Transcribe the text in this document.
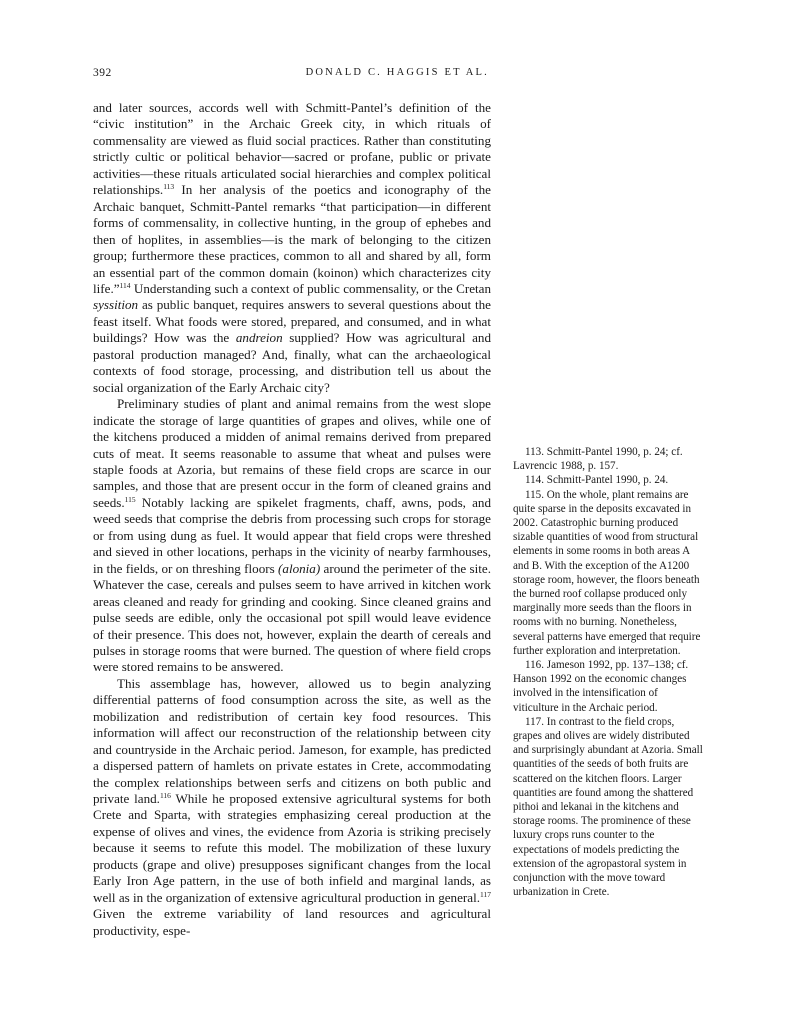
392	DONALD C. HAGGIS ET AL.

and later sources, accords well with Schmitt-Pantel’s definition of the “civic institution” in the Archaic Greek city, in which rituals of commensality are viewed as fluid social practices. Rather than constituting strictly cultic or political behavior—sacred or profane, public or private activities—these rituals articulated social hierarchies and complex political relationships.$^{113}$ In her analysis of the poetics and iconography of the Archaic banquet, Schmitt-Pantel remarks “that participation—in different forms of commensality, in collective hunting, in the group of ephebes and then of hoplites, in assemblies—is the mark of belonging to the citizen group; furthermore these practices, common to all and shared by all, form an essential part of the common domain (koinon) which characterizes city life.”$^{114}$ Understanding such a context of public commensality, or the Cretan syssition as public banquet, requires answers to several questions about the feast itself. What foods were stored, prepared, and consumed, and in what buildings? How was the andreion supplied? How was agricultural and pastoral production managed? And, finally, what can the archaeological contexts of food storage, processing, and distribution tell us about the social organization of the Early Archaic city?

Preliminary studies of plant and animal remains from the west slope indicate the storage of large quantities of grapes and olives, while one of the kitchens produced a midden of animal remains derived from prepared cuts of meat. It seems reasonable to assume that wheat and pulses were staple foods at Azoria, but remains of these field crops are scarce in our samples, and those that are present occur in the form of cleaned grains and seeds.$^{115}$ Notably lacking are spikelet fragments, chaff, awns, pods, and weed seeds that comprise the debris from processing such crops for storage or from using dung as fuel. It would appear that field crops were threshed and sieved in other locations, perhaps in the vicinity of nearby farmhouses, in the fields, or on threshing floors (alonia) around the perimeter of the site. Whatever the case, cereals and pulses seem to have arrived in kitchen work areas cleaned and ready for grinding and cooking. Since cleaned grains and pulse seeds are edible, only the occasional pot spill would leave evidence of their presence. This does not, however, explain the dearth of cereals and pulses in storage rooms that were burned. The question of where field crops were stored remains to be answered.

This assemblage has, however, allowed us to begin analyzing differential patterns of food consumption across the site, as well as the mobilization and redistribution of certain key food resources. This information will affect our reconstruction of the relationship between city and countryside in the Archaic period. Jameson, for example, has predicted a dispersed pattern of hamlets on private estates in Crete, accommodating the complex relationships between serfs and citizens on both public and private land.$^{116}$ While he proposed extensive agricultural systems for both Crete and Sparta, with strategies emphasizing cereal production at the expense of olives and vines, the evidence from Azoria is striking precisely because it seems to refute this model. The mobilization of these luxury products (grape and olive) presupposes significant changes from the local Early Iron Age pattern, in the use of both infield and marginal lands, as well as in the organization of extensive agricultural production in general.$^{117}$ Given the extreme variability of land resources and agricultural productivity, espe-

113. Schmitt-Pantel 1990, p. 24; cf. Lavrencic 1988, p. 157.

114. Schmitt-Pantel 1990, p. 24.

115. On the whole, plant remains are quite sparse in the deposits excavated in 2002. Catastrophic burning produced sizable quantities of wood from structural elements in some rooms in both areas A and B. With the exception of the A1200 storage room, however, the floors beneath the burned roof collapse produced only marginally more seeds than the floors in rooms with no burning. Nonetheless, several patterns have emerged that require further exploration and interpretation.

116. Jameson 1992, pp. 137–138; cf. Hanson 1992 on the economic changes involved in the intensification of viticulture in the Archaic period.

117. In contrast to the field crops, grapes and olives are widely distributed and surprisingly abundant at Azoria. Small quantities of the seeds of both fruits are scattered on the kitchen floors. Larger quantities are found among the shattered pithoi and lekanai in the kitchens and storage rooms. The prominence of these luxury crops runs counter to the expectations of models predicting the extension of the agropastoral system in conjunction with the move toward urbanization in Crete.
